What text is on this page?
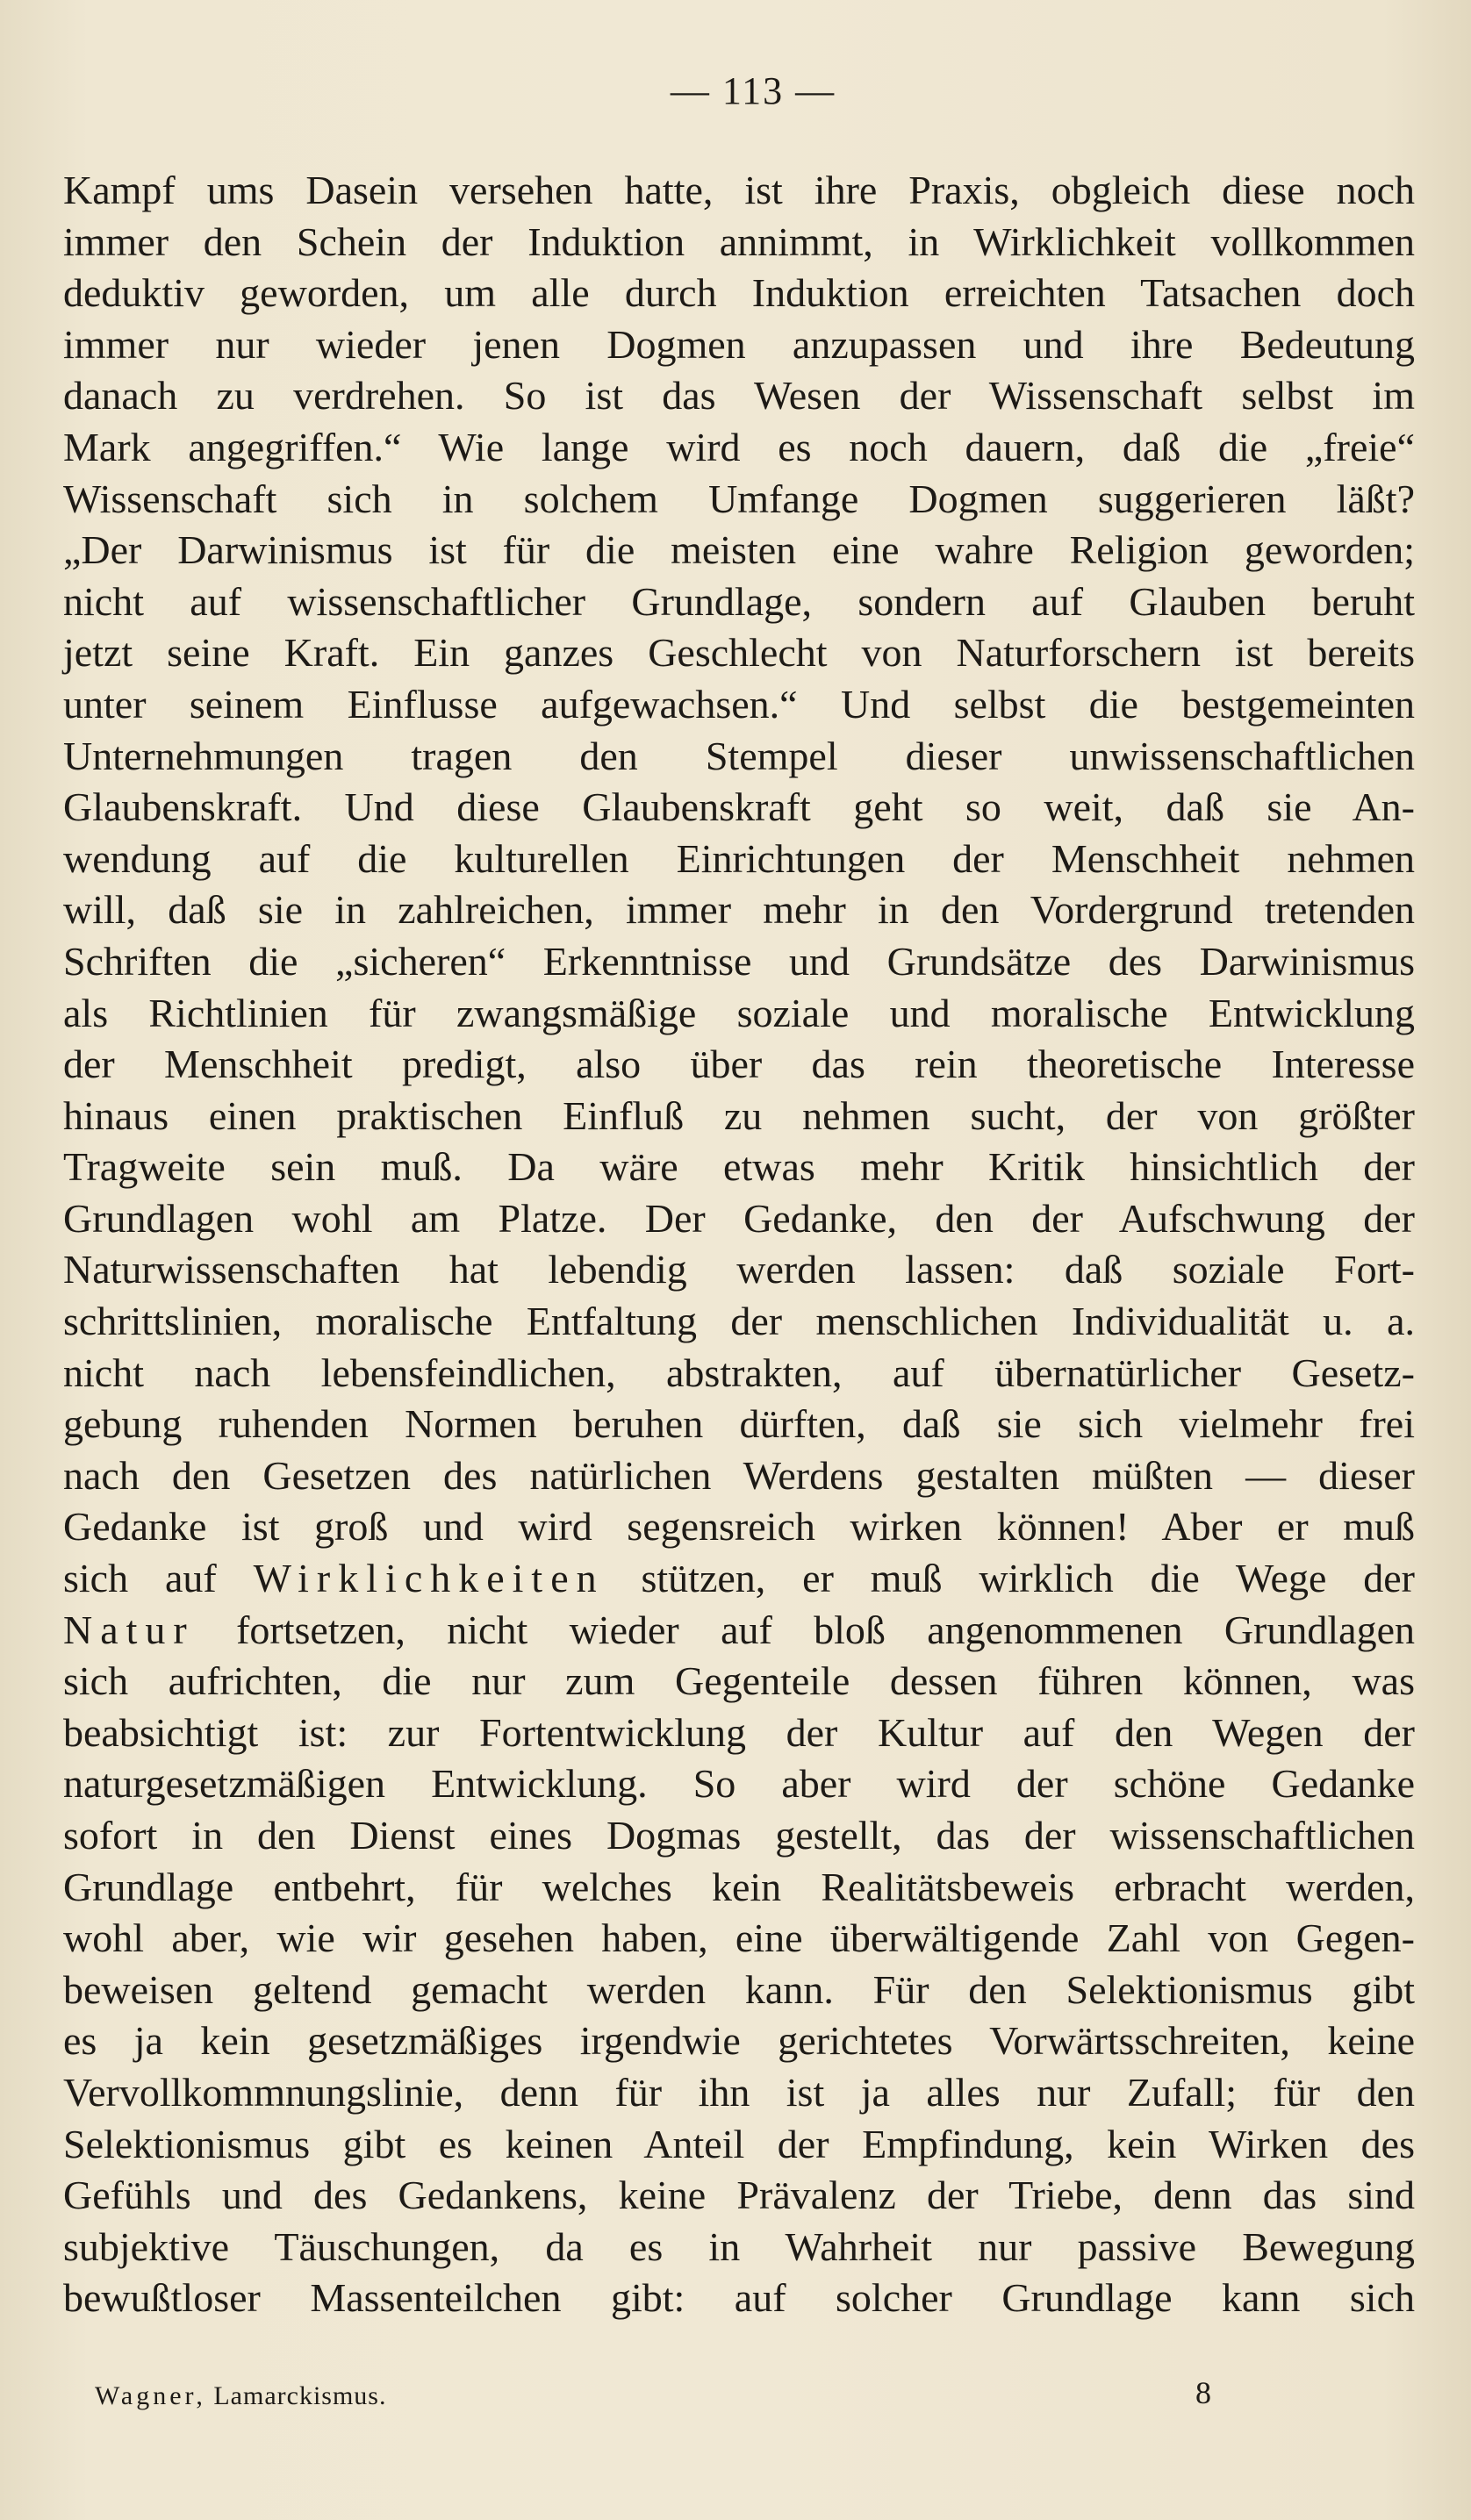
— 113 —
Kampf ums Dasein versehen hatte, ist ihre Praxis, obgleich diese noch
immer den Schein der Induktion annimmt, in Wirklichkeit vollkommen
deduktiv geworden, um alle durch Induktion erreichten Tatsachen doch
immer nur wieder jenen Dogmen anzupassen und ihre Bedeutung
danach zu verdrehen. So ist das Wesen der Wissenschaft selbst im
Mark angegriffen.“ Wie lange wird es noch dauern, daß die „freie“
Wissenschaft sich in solchem Umfange Dogmen suggerieren läßt?
„Der Darwinismus ist für die meisten eine wahre Religion geworden;
nicht auf wissenschaftlicher Grundlage, sondern auf Glauben beruht
jetzt seine Kraft. Ein ganzes Geschlecht von Naturforschern ist bereits
unter seinem Einflusse aufgewachsen.“ Und selbst die bestgemeinten
Unternehmungen tragen den Stempel dieser unwissenschaftlichen
Glaubenskraft. Und diese Glaubenskraft geht so weit, daß sie An-
wendung auf die kulturellen Einrichtungen der Menschheit nehmen
will, daß sie in zahlreichen, immer mehr in den Vordergrund tretenden
Schriften die „sicheren“ Erkenntnisse und Grundsätze des Darwinismus
als Richtlinien für zwangsmäßige soziale und moralische Entwicklung
der Menschheit predigt, also über das rein theoretische Interesse
hinaus einen praktischen Einfluß zu nehmen sucht, der von größter
Tragweite sein muß. Da wäre etwas mehr Kritik hinsichtlich der
Grundlagen wohl am Platze. Der Gedanke, den der Aufschwung der
Naturwissenschaften hat lebendig werden lassen: daß soziale Fort-
schrittslinien, moralische Entfaltung der menschlichen Individualität u. a.
nicht nach lebensfeindlichen, abstrakten, auf übernatürlicher Gesetz-
gebung ruhenden Normen beruhen dürften, daß sie sich vielmehr frei
nach den Gesetzen des natürlichen Werdens gestalten müßten — dieser
Gedanke ist groß und wird segensreich wirken können! Aber er muß
sich auf Wirklichkeiten stützen, er muß wirklich die Wege der
Natur fortsetzen, nicht wieder auf bloß angenommenen Grundlagen
sich aufrichten, die nur zum Gegenteile dessen führen können, was
beabsichtigt ist: zur Fortentwicklung der Kultur auf den Wegen der
naturgesetzmäßigen Entwicklung. So aber wird der schöne Gedanke
sofort in den Dienst eines Dogmas gestellt, das der wissenschaftlichen
Grundlage entbehrt, für welches kein Realitätsbeweis erbracht werden,
wohl aber, wie wir gesehen haben, eine überwältigende Zahl von Gegen-
beweisen geltend gemacht werden kann. Für den Selektionismus gibt
es ja kein gesetzmäßiges irgendwie gerichtetes Vorwärtsschreiten, keine
Vervollkommnungslinie, denn für ihn ist ja alles nur Zufall; für den
Selektionismus gibt es keinen Anteil der Empfindung, kein Wirken des
Gefühls und des Gedankens, keine Prävalenz der Triebe, denn das sind
subjektive Täuschungen, da es in Wahrheit nur passive Bewegung
bewußtloser Massenteilchen gibt: auf solcher Grundlage kann sich
Wagner, Lamarckismus.	8
